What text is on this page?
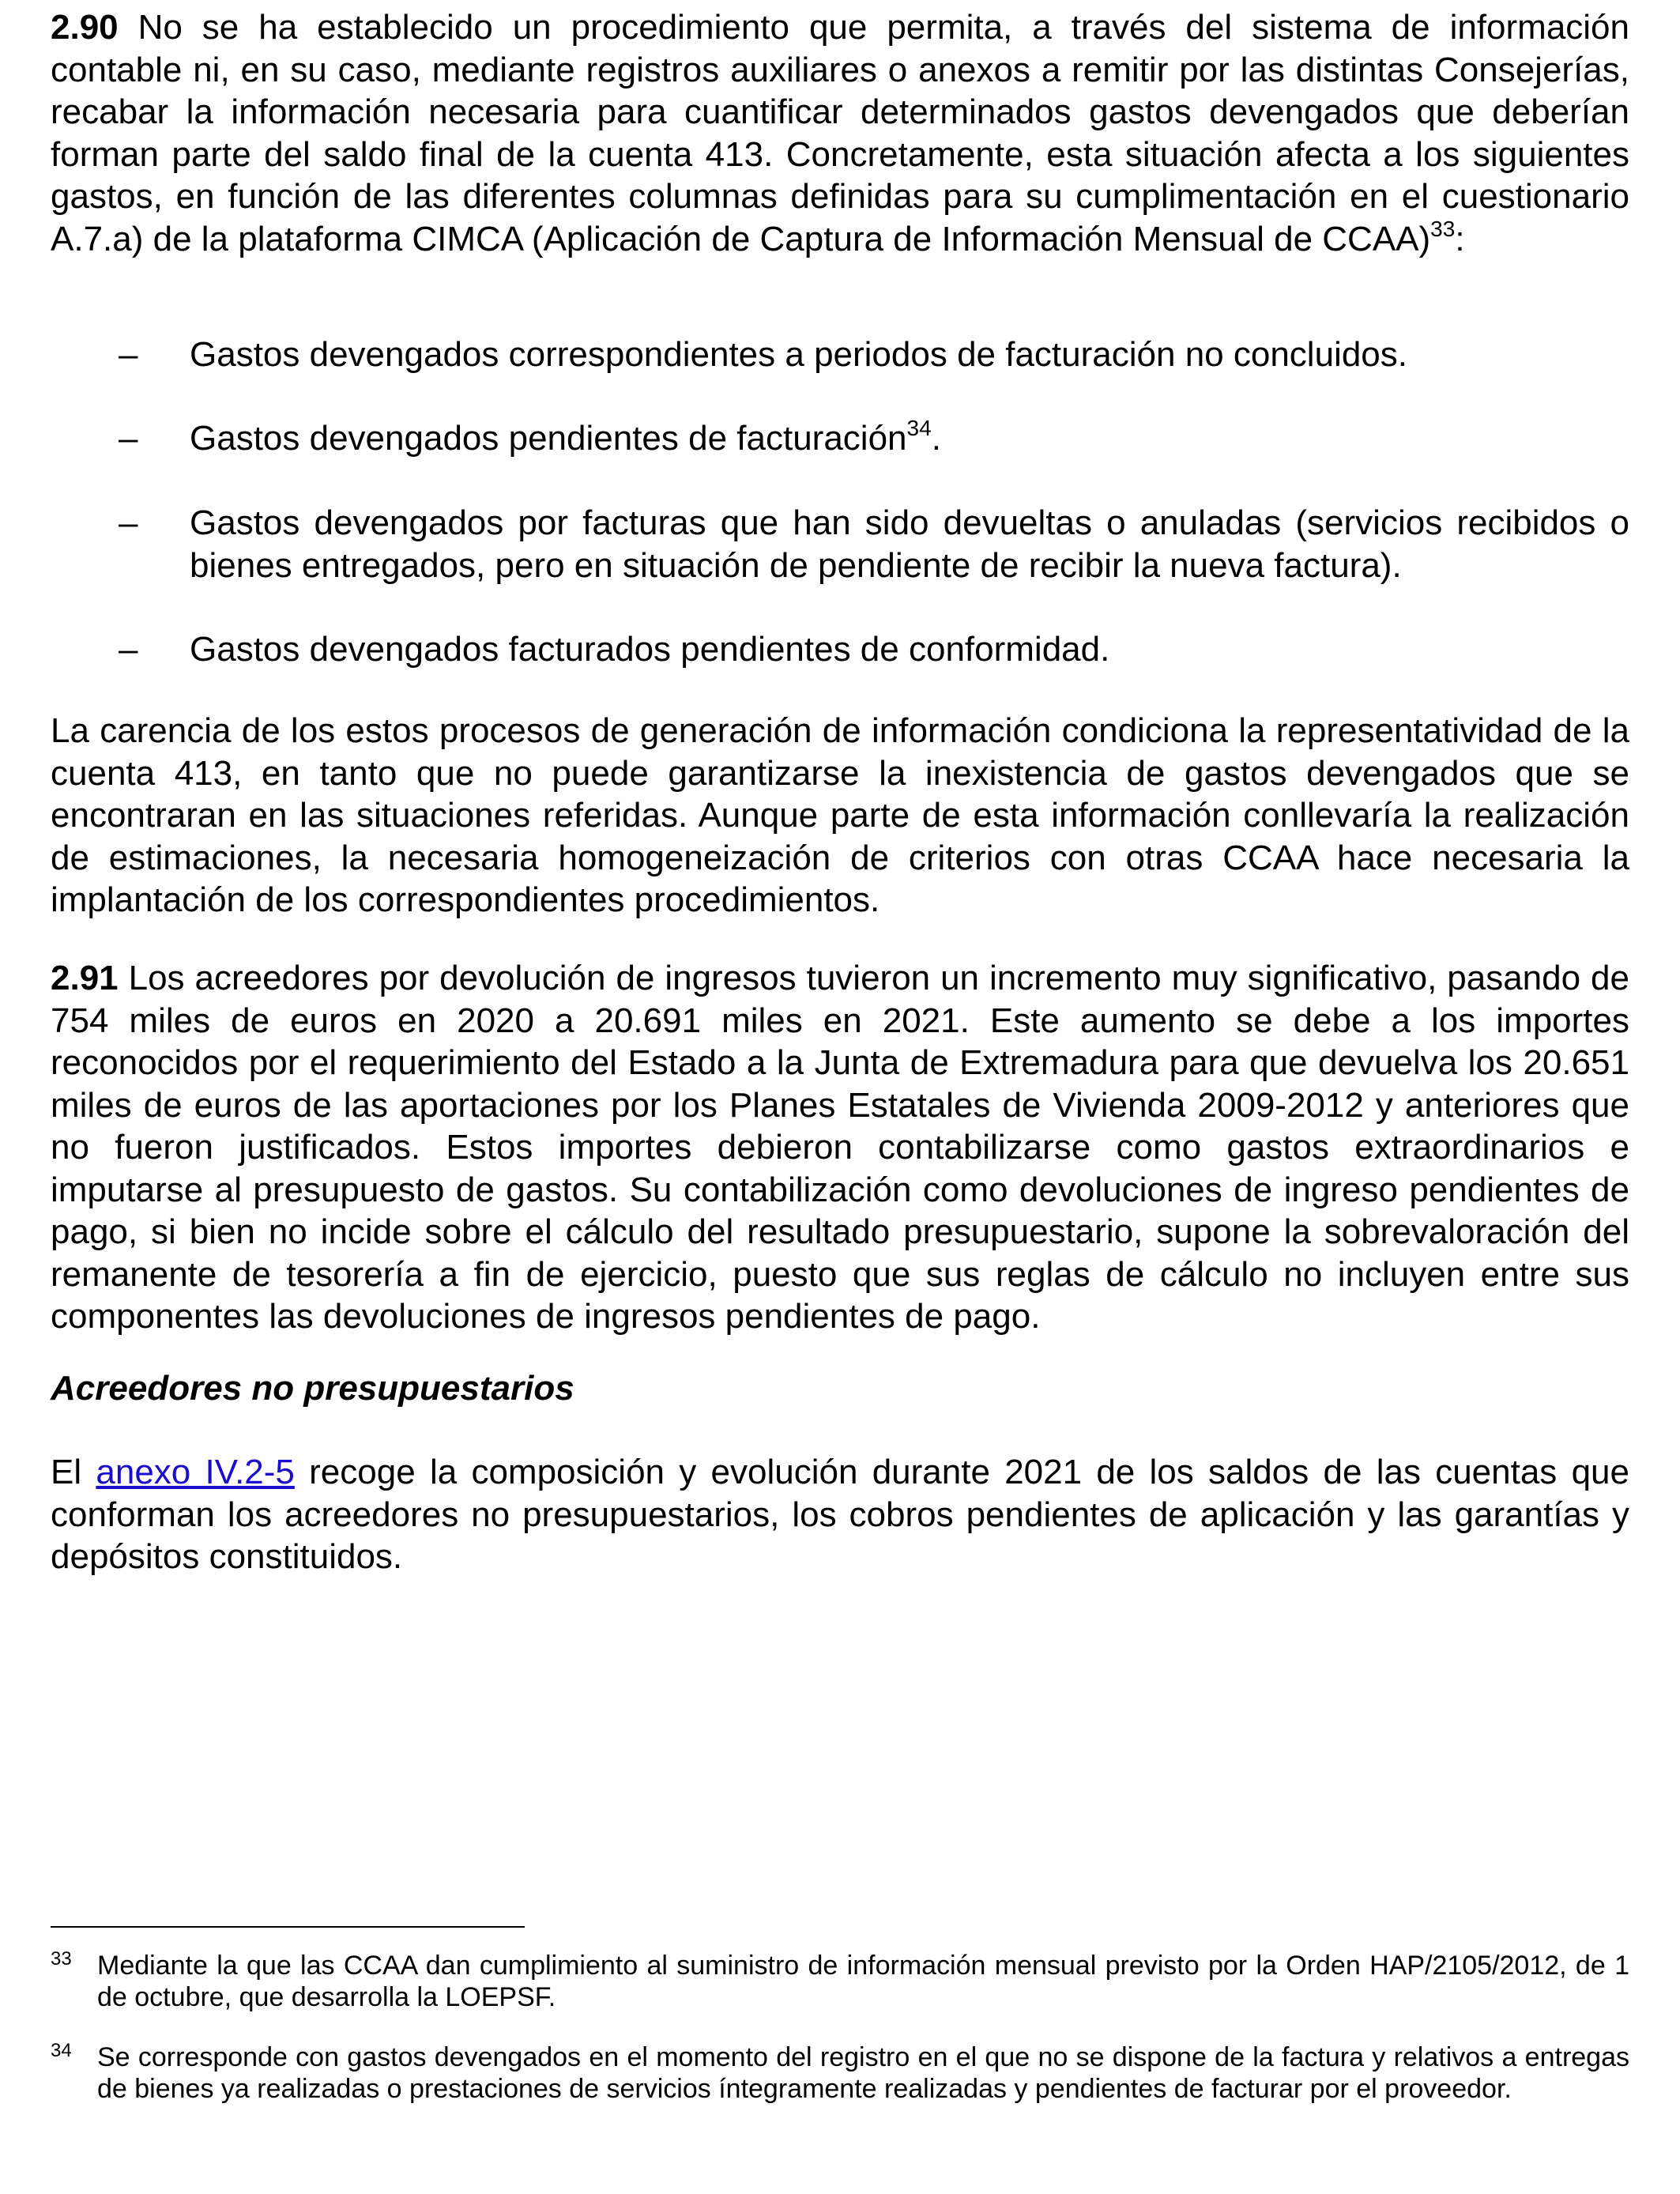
2.90 No se ha establecido un procedimiento que permita, a través del sistema de información contable ni, en su caso, mediante registros auxiliares o anexos a remitir por las distintas Consejerías, recabar la información necesaria para cuantificar determinados gastos devengados que deberían forman parte del saldo final de la cuenta 413. Concretamente, esta situación afecta a los siguientes gastos, en función de las diferentes columnas definidas para su cumplimentación en el cuestionario A.7.a) de la plataforma CIMCA (Aplicación de Captura de Información Mensual de CCAA)$^{33}$:

– Gastos devengados correspondientes a periodos de facturación no concluidos.
– Gastos devengados pendientes de facturación$^{34}$.
– Gastos devengados por facturas que han sido devueltas o anuladas (servicios recibidos o bienes entregados, pero en situación de pendiente de recibir la nueva factura).
– Gastos devengados facturados pendientes de conformidad.

La carencia de los estos procesos de generación de información condiciona la representatividad de la cuenta 413, en tanto que no puede garantizarse la inexistencia de gastos devengados que se encontraran en las situaciones referidas. Aunque parte de esta información conllevaría la realización de estimaciones, la necesaria homogeneización de criterios con otras CCAA hace necesaria la implantación de los correspondientes procedimientos.

2.91 Los acreedores por devolución de ingresos tuvieron un incremento muy significativo, pasando de 754 miles de euros en 2020 a 20.691 miles en 2021. Este aumento se debe a los importes reconocidos por el requerimiento del Estado a la Junta de Extremadura para que devuelva los 20.651 miles de euros de las aportaciones por los Planes Estatales de Vivienda 2009-2012 y anteriores que no fueron justificados. Estos importes debieron contabilizarse como gastos extraordinarios e imputarse al presupuesto de gastos. Su contabilización como devoluciones de ingreso pendientes de pago, si bien no incide sobre el cálculo del resultado presupuestario, supone la sobrevaloración del remanente de tesorería a fin de ejercicio, puesto que sus reglas de cálculo no incluyen entre sus componentes las devoluciones de ingresos pendientes de pago.

Acreedores no presupuestarios

El anexo IV.2-5 recoge la composición y evolución durante 2021 de los saldos de las cuentas que conforman los acreedores no presupuestarios, los cobros pendientes de aplicación y las garantías y depósitos constituidos.

33 Mediante la que las CCAA dan cumplimiento al suministro de información mensual previsto por la Orden HAP/2105/2012, de 1 de octubre, que desarrolla la LOEPSF.
34 Se corresponde con gastos devengados en el momento del registro en el que no se dispone de la factura y relativos a entregas de bienes ya realizadas o prestaciones de servicios íntegramente realizadas y pendientes de facturar por el proveedor.
